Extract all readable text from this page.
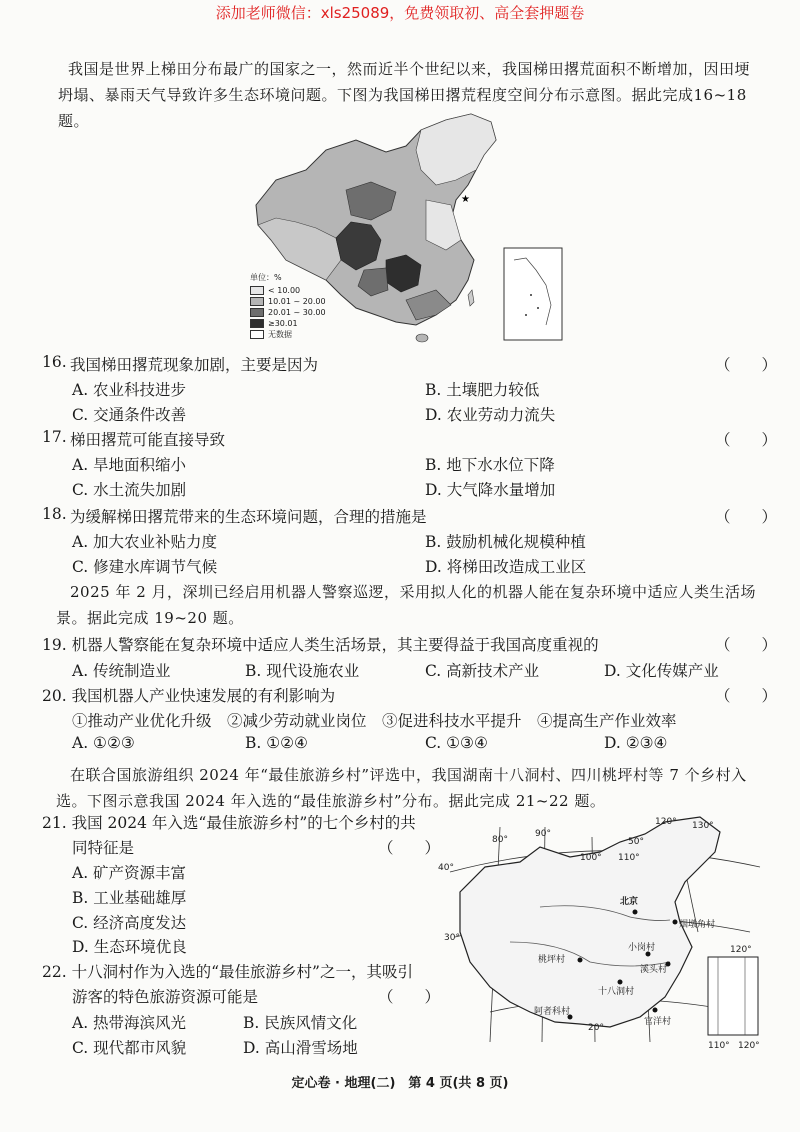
添加老师微信：xls25089，免费领取初、高全套押题卷
我国是世界上梯田分布最广的国家之一，然而近半个世纪以来，我国梯田撂荒面积不断增加，因田埂
坍塌、暴雨天气导致许多生态环境问题。下图为我国梯田撂荒程度空间分布示意图。据此完成16~18题。
★
单位：%
< 10.00
10.01 ~ 20.00
20.01 ~ 30.00
≥30.01
无数据
16. 我国梯田撂荒现象加剧，主要是因为	（　　）
A. 农业科技进步	B. 土壤肥力较低
C. 交通条件改善	D. 农业劳动力流失
17. 梯田撂荒可能直接导致	（　　）
A. 旱地面积缩小	B. 地下水水位下降
C. 水土流失加剧	D. 大气降水量增加
18. 为缓解梯田撂荒带来的生态环境问题，合理的措施是	（　　）
A. 加大农业补贴力度	B. 鼓励机械化规模种植
C. 修建水库调节气候	D. 将梯田改造成工业区
2025 年 2 月，深圳已经启用机器人警察巡逻，采用拟人化的机器人能在复杂环境中适应人类生活场
景。据此完成 19~20 题。
19. 机器人警察能在复杂环境中适应人类生活场景，其主要得益于我国高度重视的	（　　）
A. 传统制造业	B. 现代设施农业	C. 高新技术产业	D. 文化传媒产业
20. 我国机器人产业快速发展的有利影响为	（　　）
①推动产业优化升级　②减少劳动就业岗位　③促进科技水平提升　④提高生产作业效率
A. ①②③	B. ①②④	C. ①③④	D. ②③④
在联合国旅游组织 2024 年“最佳旅游乡村”评选中，我国湖南十八洞村、四川桃坪村等 7 个乡村入
选。下图示意我国 2024 年入选的“最佳旅游乡村”分布。据此完成 21~22 题。
21. 我国 2024 年入选“最佳旅游乡村”的七个乡村的共
同特征是	（　　）
A. 矿产资源丰富
B. 工业基础雄厚
C. 经济高度发达
D. 生态环境优良
22. 十八洞村作为入选的“最佳旅游乡村”之一，其吸引
游客的特色旅游资源可能是	（　　）
A. 热带海滨风光	B. 民族风情文化
C. 现代都市风貌	D. 高山滑雪场地
80°
90°
100° 110°
120° 130°
50°
120°
40°
30°
20°
北京
烟墩角村
桃坪村
小岗村
溪头村
十八洞村
阿者科村
官洋村
110° 120°
定心卷 · 地理(二)　第 4 页(共 8 页)
